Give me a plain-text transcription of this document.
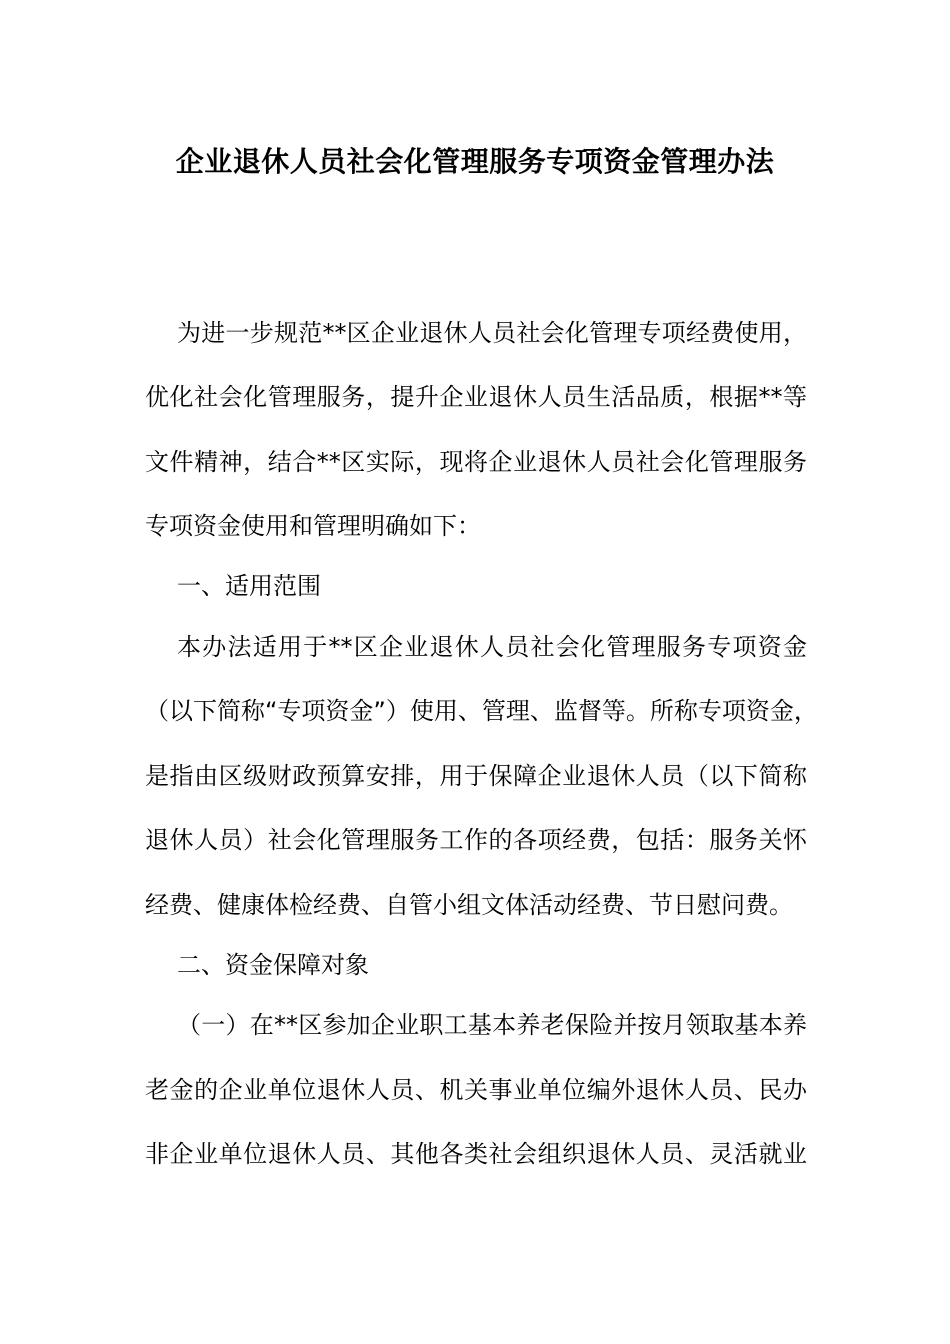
企业退休人员社会化管理服务专项资金管理办法

为进一步规范**区企业退休人员社会化管理专项经费使用，

优化社会化管理服务，提升企业退休人员生活品质，根据**等

文件精神，结合**区实际，现将企业退休人员社会化管理服务

专项资金使用和管理明确如下：

一、适用范围

本办法适用于**区企业退休人员社会化管理服务专项资金

（以下简称“专项资金”）使用、管理、监督等。所称专项资金，

是指由区级财政预算安排，用于保障企业退休人员（以下简称

退休人员）社会化管理服务工作的各项经费，包括：服务关怀

经费、健康体检经费、自管小组文体活动经费、节日慰问费。

二、资金保障对象

（一）在**区参加企业职工基本养老保险并按月领取基本养

老金的企业单位退休人员、机关事业单位编外退休人员、民办

非企业单位退休人员、其他各类社会组织退休人员、灵活就业
